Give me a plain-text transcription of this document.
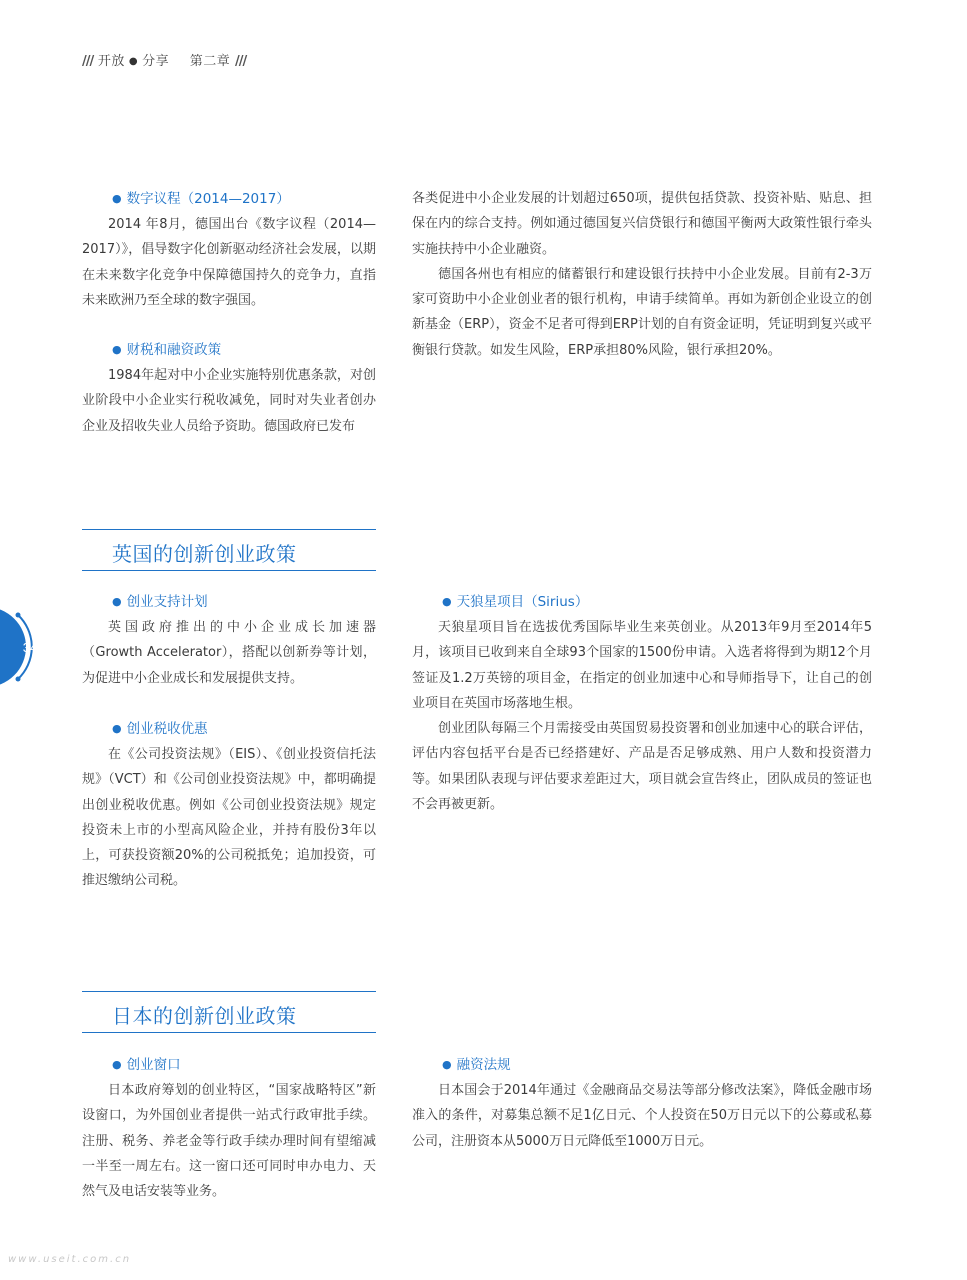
/// 开放 ● 分享 第二章 ///
● 数字议程（2014—2017）

2014 年8月，德国出台《数字议程（2014—2017）》，倡导数字化创新驱动经济社会发展，以期在未来数字化竞争中保障德国持久的竞争力，直指未来欧洲乃至全球的数字强国。

● 财税和融资政策

1984年起对中小企业实施特别优惠条款，对创业阶段中小企业实行税收减免，同时对失业者创办企业及招收失业人员给予资助。德国政府已发布

各类促进中小企业发展的计划超过650项，提供包括贷款、投资补贴、贴息、担保在内的综合支持。例如通过德国复兴信贷银行和德国平衡两大政策性银行牵头实施扶持中小企业融资。

德国各州也有相应的储蓄银行和建设银行扶持中小企业发展。目前有2-3万家可资助中小企业创业者的银行机构，申请手续简单。再如为新创企业设立的创新基金（ERP），资金不足者可得到ERP计划的自有资金证明，凭证明到复兴或平衡银行贷款。如发生风险，ERP承担80%风险，银行承担20%。

英国的创新创业政策
● 创业支持计划

英国政府推出的中小企业成长加速器（Growth Accelerator），搭配以创新券等计划，为促进中小企业成长和发展提供支持。

● 创业税收优惠

在《公司投资法规》（EIS）、《创业投资信托法规》（VCT）和《公司创业投资法规》中，都明确提出创业税收优惠。例如《公司创业投资法规》规定投资未上市的小型高风险企业，并持有股份3年以上，可获投资额20%的公司税抵免；追加投资，可推迟缴纳公司税。

● 天狼星项目（Sirius）

天狼星项目旨在选拔优秀国际毕业生来英创业。从2013年9月至2014年5月，该项目已收到来自全球93个国家的1500份申请。入选者将得到为期12个月签证及1.2万英镑的项目金，在指定的创业加速中心和导师指导下，让自己的创业项目在英国市场落地生根。

创业团队每隔三个月需接受由英国贸易投资署和创业加速中心的联合评估，评估内容包括平台是否已经搭建好、产品是否足够成熟、用户人数和投资潜力等。如果团队表现与评估要求差距过大，项目就会宣告终止，团队成员的签证也不会再被更新。

日本的创新创业政策
● 创业窗口

日本政府筹划的创业特区，“国家战略特区”新设窗口，为外国创业者提供一站式行政审批手续。注册、税务、养老金等行政手续办理时间有望缩减一半至一周左右。这一窗口还可同时申办电力、天然气及电话安装等业务。

● 融资法规

日本国会于2014年通过《金融商品交易法等部分修改法案》，降低金融市场准入的条件，对募集总额不足1亿日元、个人投资在50万日元以下的公募或私募公司，注册资本从5000万日元降低至1000万日元。

34
www.useit.com.cn
